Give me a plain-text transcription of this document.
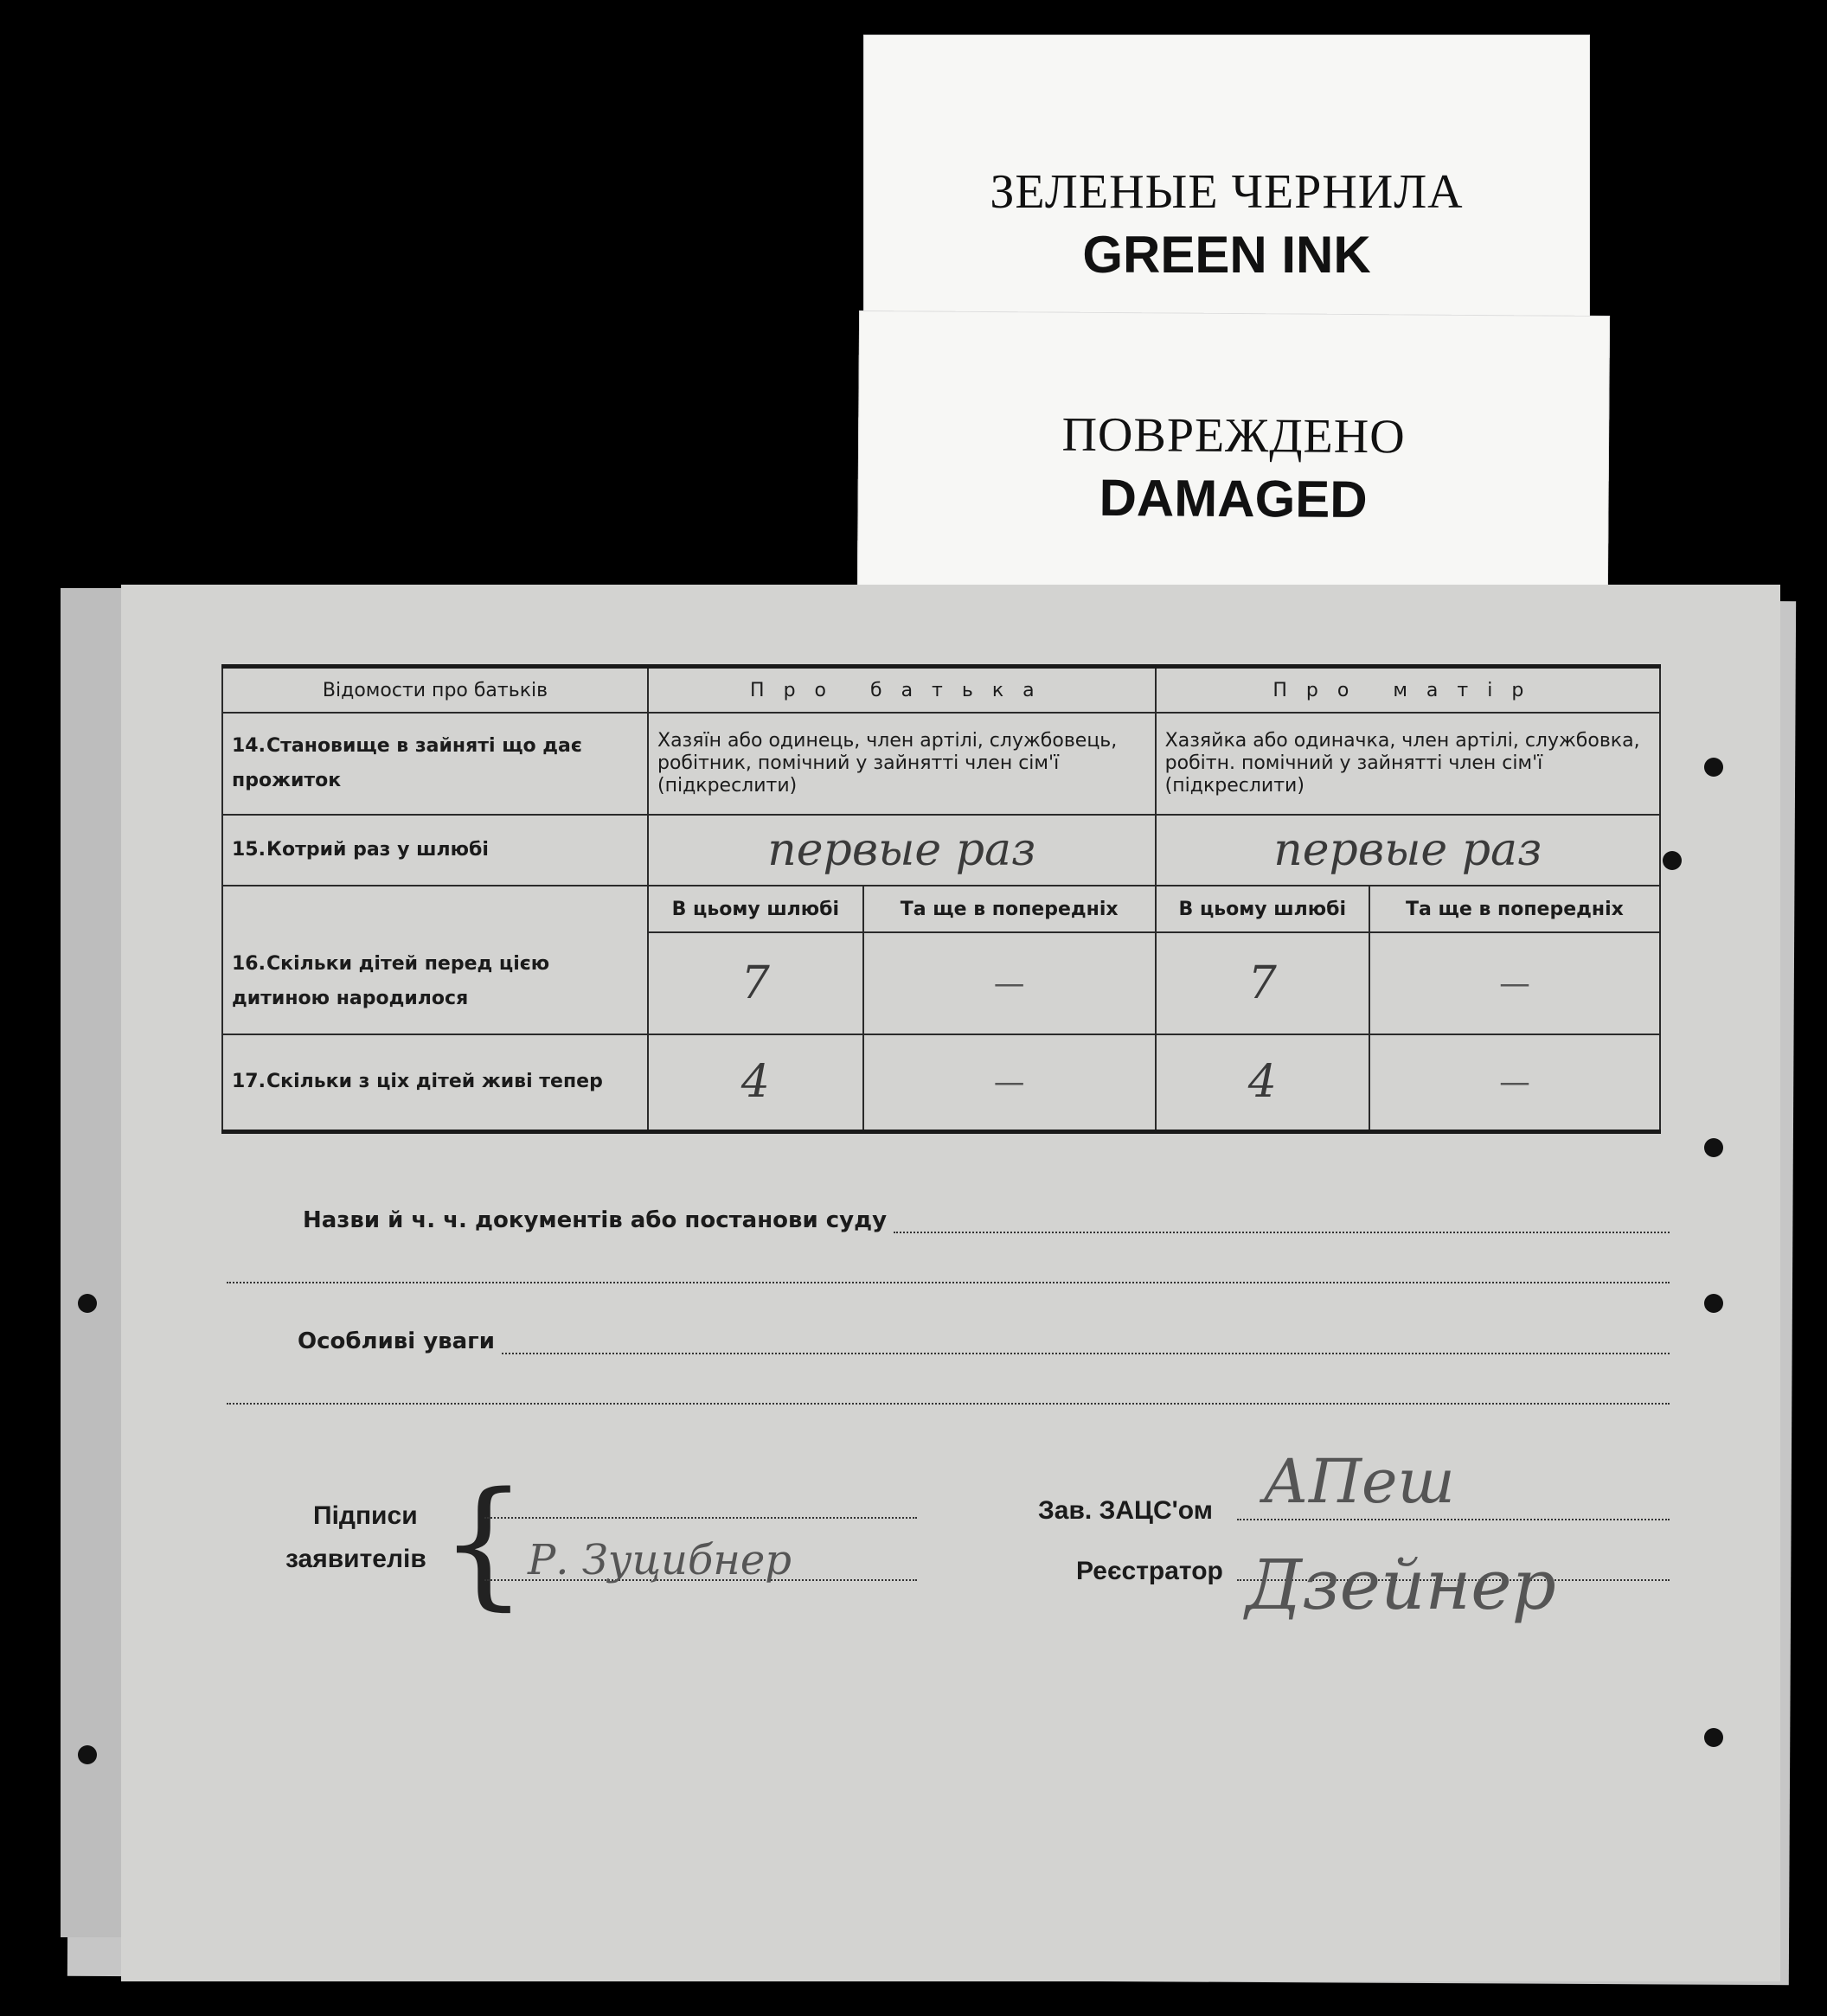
ЗЕЛЕНЫЕ ЧЕРНИЛА
GREEN INK
ПОВРЕЖДЕНО
DAMAGED
Відомости про батьків	Про батька		Про матір	
14.Становище в зайняті що дає прожиток	Хазяїн або одинець, член артілі, службовець, робітник, помічний у зайнятті член сім'ї (підкреслити)		Хазяйка або одиначка, член артілі, службовка, робітн. помічний у зайнятті член сім'ї (підкреслити)	
15.Котрий раз у шлюбі	первые раз		первые раз	
16.Скільки дітей перед цією дитиною народилося	В цьому шлюбі	Та ще в попередніх	В цьому шлюбі	Та ще в попередніх
	7	—	7	—
17.Скільки з ціх дітей живі тепер	4	—	4	—
Назви й ч. ч. документів або постанови суду
Особливі уваги
Підписи
заявителів { Р. Зуцибнер
Зав. ЗАЦС'ом АПеш
Реєстратор Дзейнер
